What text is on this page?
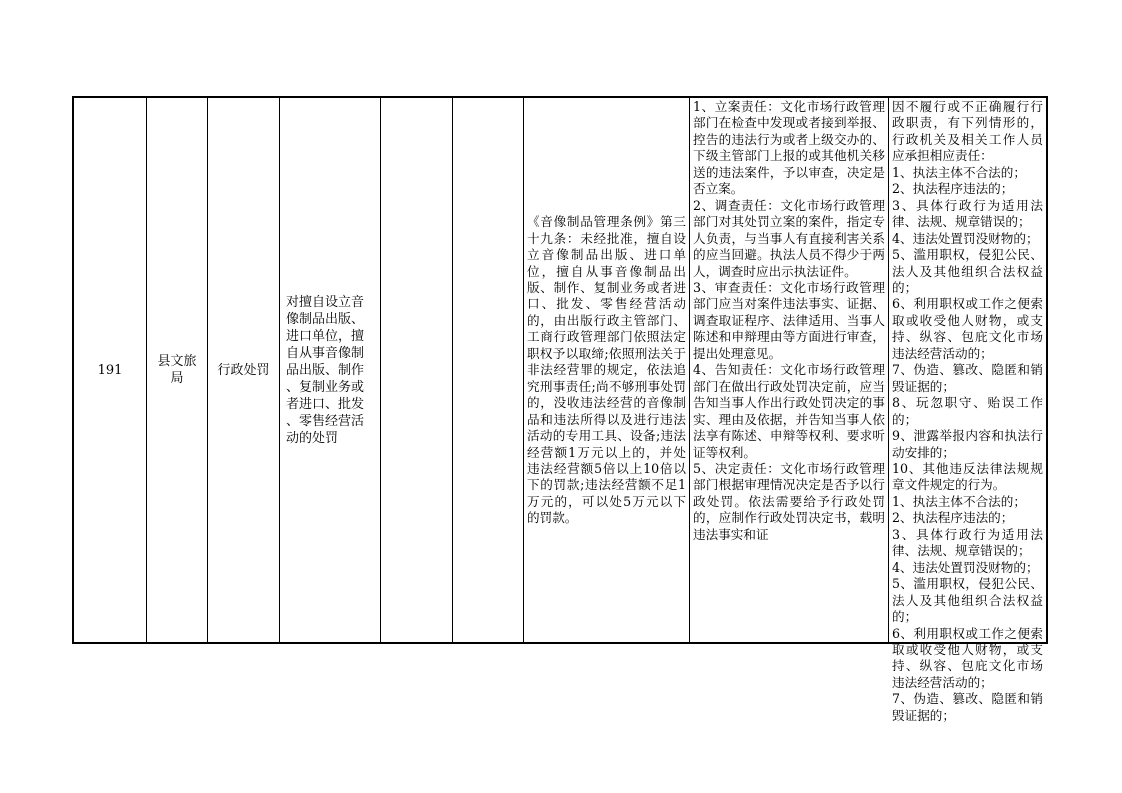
191
县文旅
局
行政处罚
对擅自设立音
像制品出版、
进口单位，擅
自从事音像制
品出版、制作
、复制业务或
者进口、批发
、零售经营活
动的处罚
《音像制品管理条例》第三十九条：未经批准，擅自设立音像制品出版、进口单位，擅自从事音像制品出版、制作、复制业务或者进口、批发、零售经营活动的，由出版行政主管部门、工商行政管理部门依照法定职权予以取缔;依照刑法关于非法经营罪的规定，依法追究刑事责任;尚不够刑事处罚的，没收违法经营的音像制品和违法所得以及进行违法活动的专用工具、设备;违法经营额1万元以上的，并处违法经营额5倍以上10倍以下的罚款;违法经营额不足1万元的，可以处5万元以下的罚款。
1、立案责任：文化市场行政管理部门在检查中发现或者接到举报、控告的违法行为或者上级交办的、下级主管部门上报的或其他机关移送的违法案件，予以审查，决定是否立案。
2、调查责任：文化市场行政管理部门对其处罚立案的案件，指定专人负责，与当事人有直接利害关系的应当回避。执法人员不得少于两人，调查时应出示执法证件。
3、审查责任：文化市场行政管理部门应当对案件违法事实、证据、调查取证程序、法律适用、当事人陈述和申辩理由等方面进行审查，提出处理意见。
4、告知责任：文化市场行政管理部门在做出行政处罚决定前，应当告知当事人作出行政处罚决定的事实、理由及依据，并告知当事人依法享有陈述、申辩等权利、要求听证等权利。
5、决定责任：文化市场行政管理部门根据审理情况决定是否予以行政处罚。依法需要给予行政处罚的，应制作行政处罚决定书，载明违法事实和证
因不履行或不正确履行行政职责，有下列情形的，行政机关及相关工作人员应承担相应责任：
1、执法主体不合法的；
2、执法程序违法的；
3、具体行政行为适用法律、法规、规章错误的；
4、违法处置罚没财物的；
5、滥用职权，侵犯公民、法人及其他组织合法权益的；
6、利用职权或工作之便索取或收受他人财物，或支持、纵容、包庇文化市场违法经营活动的；
7、伪造、篡改、隐匿和销毁证据的；
8、玩忽职守、贻误工作的；
9、泄露举报内容和执法行动安排的；
10、其他违反法律法规规章文件规定的行为。
1、执法主体不合法的；
2、执法程序违法的；
3、具体行政行为适用法律、法规、规章错误的；
4、违法处置罚没财物的；
5、滥用职权，侵犯公民、法人及其他组织合法权益的；
6、利用职权或工作之便索取或收受他人财物，或支持、纵容、包庇文化市场违法经营活动的；
7、伪造、篡改、隐匿和销毁证据的；
